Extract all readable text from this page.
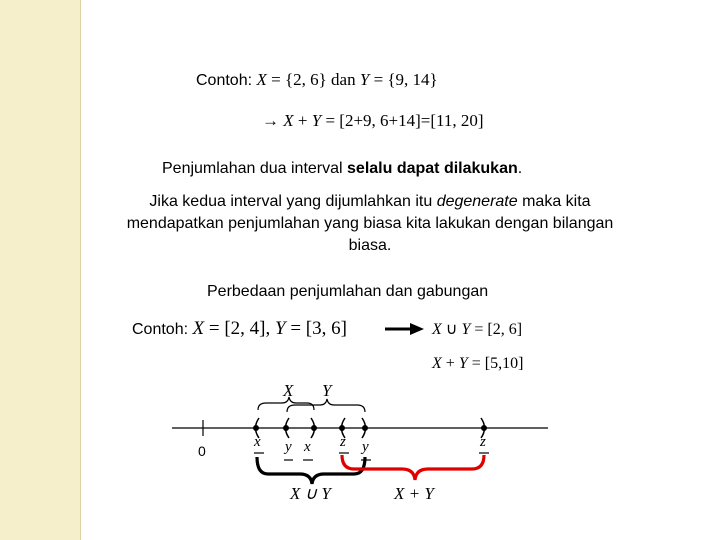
Contoh: X = {2, 6} dan Y = {9, 14}
→ X + Y = [2+9, 6+14]=[11, 20]
Penjumlahan dua interval selalu dapat dilakukan.
Jika kedua interval yang dijumlahkan itu degenerate maka kita
mendapatkan penjumlahan yang biasa kita lakukan dengan bilangan
biasa.
Perbedaan penjumlahan dan gabungan
Contoh: X = [2, 4], Y = [3, 6]	X ∪ Y = [2, 6]
X + Y = [5,10]
X Y
x y x z y	z
0
X ∪ Y	X + Y
